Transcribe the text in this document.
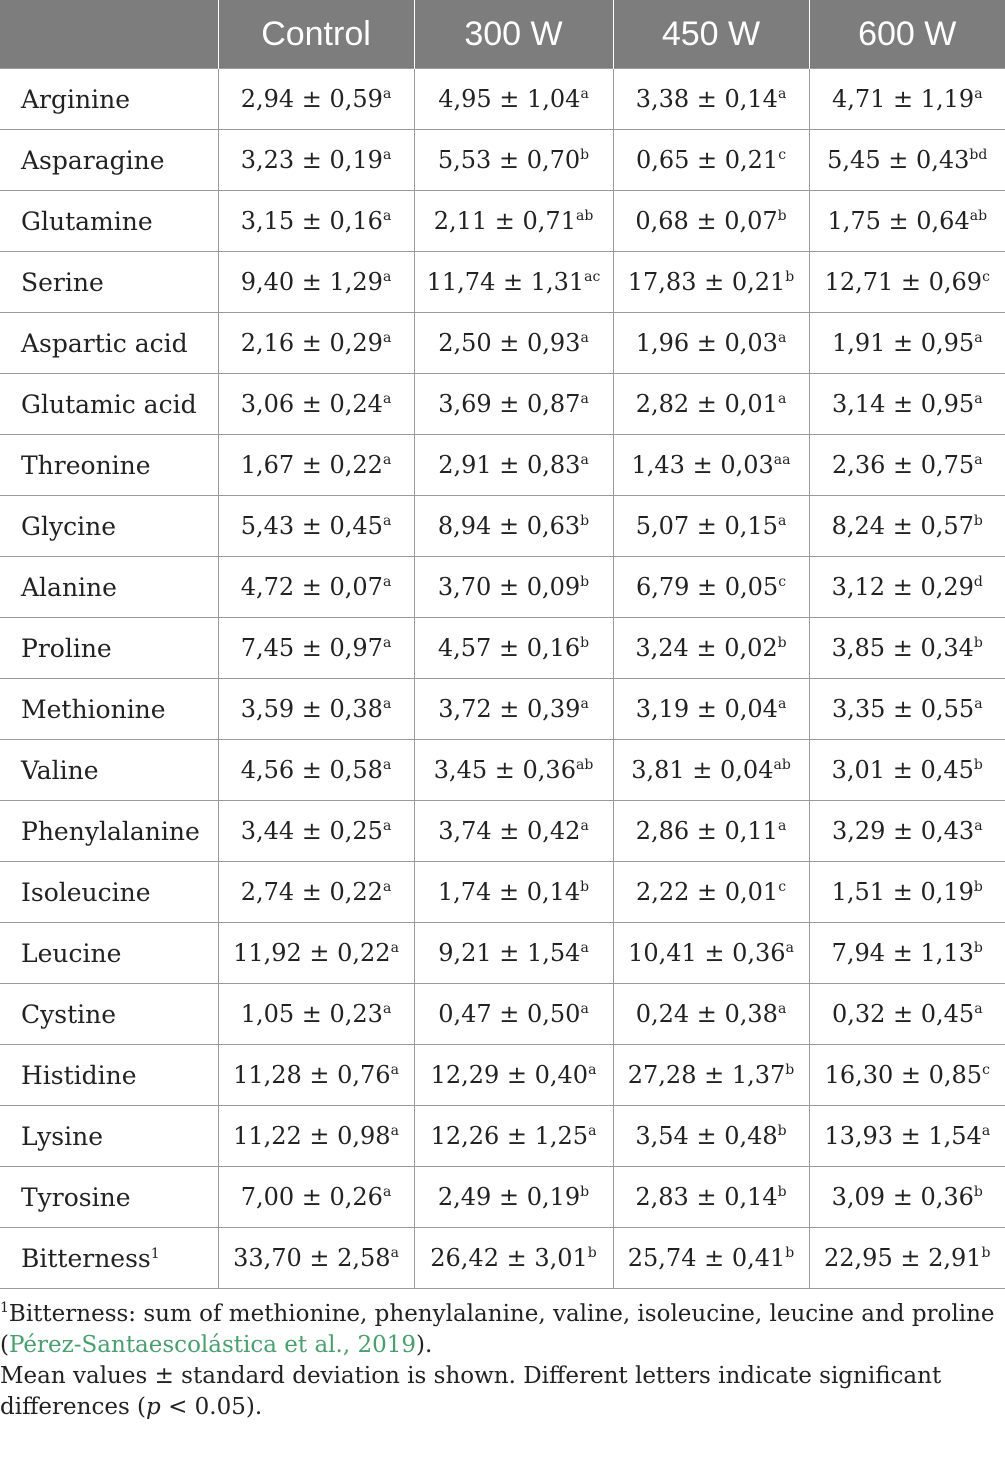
	Control	300 W	450 W	600 W
Arginine	2,94 ± 0,59$^a$	4,95 ± 1,04$^a$	3,38 ± 0,14$^a$	4,71 ± 1,19$^a$
Asparagine	3,23 ± 0,19$^a$	5,53 ± 0,70$^b$	0,65 ± 0,21$^c$	5,45 ± 0,43$^{bd}$
Glutamine	3,15 ± 0,16$^a$	2,11 ± 0,71$^{ab}$	0,68 ± 0,07$^b$	1,75 ± 0,64$^{ab}$
Serine	9,40 ± 1,29$^a$	11,74 ± 1,31$^{ac}$	17,83 ± 0,21$^b$	12,71 ± 0,69$^c$
Aspartic acid	2,16 ± 0,29$^a$	2,50 ± 0,93$^a$	1,96 ± 0,03$^a$	1,91 ± 0,95$^a$
Glutamic acid	3,06 ± 0,24$^a$	3,69 ± 0,87$^a$	2,82 ± 0,01$^a$	3,14 ± 0,95$^a$
Threonine	1,67 ± 0,22$^a$	2,91 ± 0,83$^a$	1,43 ± 0,03$^{aa}$	2,36 ± 0,75$^a$
Glycine	5,43 ± 0,45$^a$	8,94 ± 0,63$^b$	5,07 ± 0,15$^a$	8,24 ± 0,57$^b$
Alanine	4,72 ± 0,07$^a$	3,70 ± 0,09$^b$	6,79 ± 0,05$^c$	3,12 ± 0,29$^d$
Proline	7,45 ± 0,97$^a$	4,57 ± 0,16$^b$	3,24 ± 0,02$^b$	3,85 ± 0,34$^b$
Methionine	3,59 ± 0,38$^a$	3,72 ± 0,39$^a$	3,19 ± 0,04$^a$	3,35 ± 0,55$^a$
Valine	4,56 ± 0,58$^a$	3,45 ± 0,36$^{ab}$	3,81 ± 0,04$^{ab}$	3,01 ± 0,45$^b$
Phenylalanine	3,44 ± 0,25$^a$	3,74 ± 0,42$^a$	2,86 ± 0,11$^a$	3,29 ± 0,43$^a$
Isoleucine	2,74 ± 0,22$^a$	1,74 ± 0,14$^b$	2,22 ± 0,01$^c$	1,51 ± 0,19$^b$
Leucine	11,92 ± 0,22$^a$	9,21 ± 1,54$^a$	10,41 ± 0,36$^a$	7,94 ± 1,13$^b$
Cystine	1,05 ± 0,23$^a$	0,47 ± 0,50$^a$	0,24 ± 0,38$^a$	0,32 ± 0,45$^a$
Histidine	11,28 ± 0,76$^a$	12,29 ± 0,40$^a$	27,28 ± 1,37$^b$	16,30 ± 0,85$^c$
Lysine	11,22 ± 0,98$^a$	12,26 ± 1,25$^a$	3,54 ± 0,48$^b$	13,93 ± 1,54$^a$
Tyrosine	7,00 ± 0,26$^a$	2,49 ± 0,19$^b$	2,83 ± 0,14$^b$	3,09 ± 0,36$^b$
Bitterness$^1$	33,70 ± 2,58$^a$	26,42 ± 3,01$^b$	25,74 ± 0,41$^b$	22,95 ± 2,91$^b$

$^1$Bitterness: sum of methionine, phenylalanine, valine, isoleucine, leucine and proline (Pérez-Santaescolástica et al., 2019).

Mean values ± standard deviation is shown. Different letters indicate significant differences (p < 0.05).
